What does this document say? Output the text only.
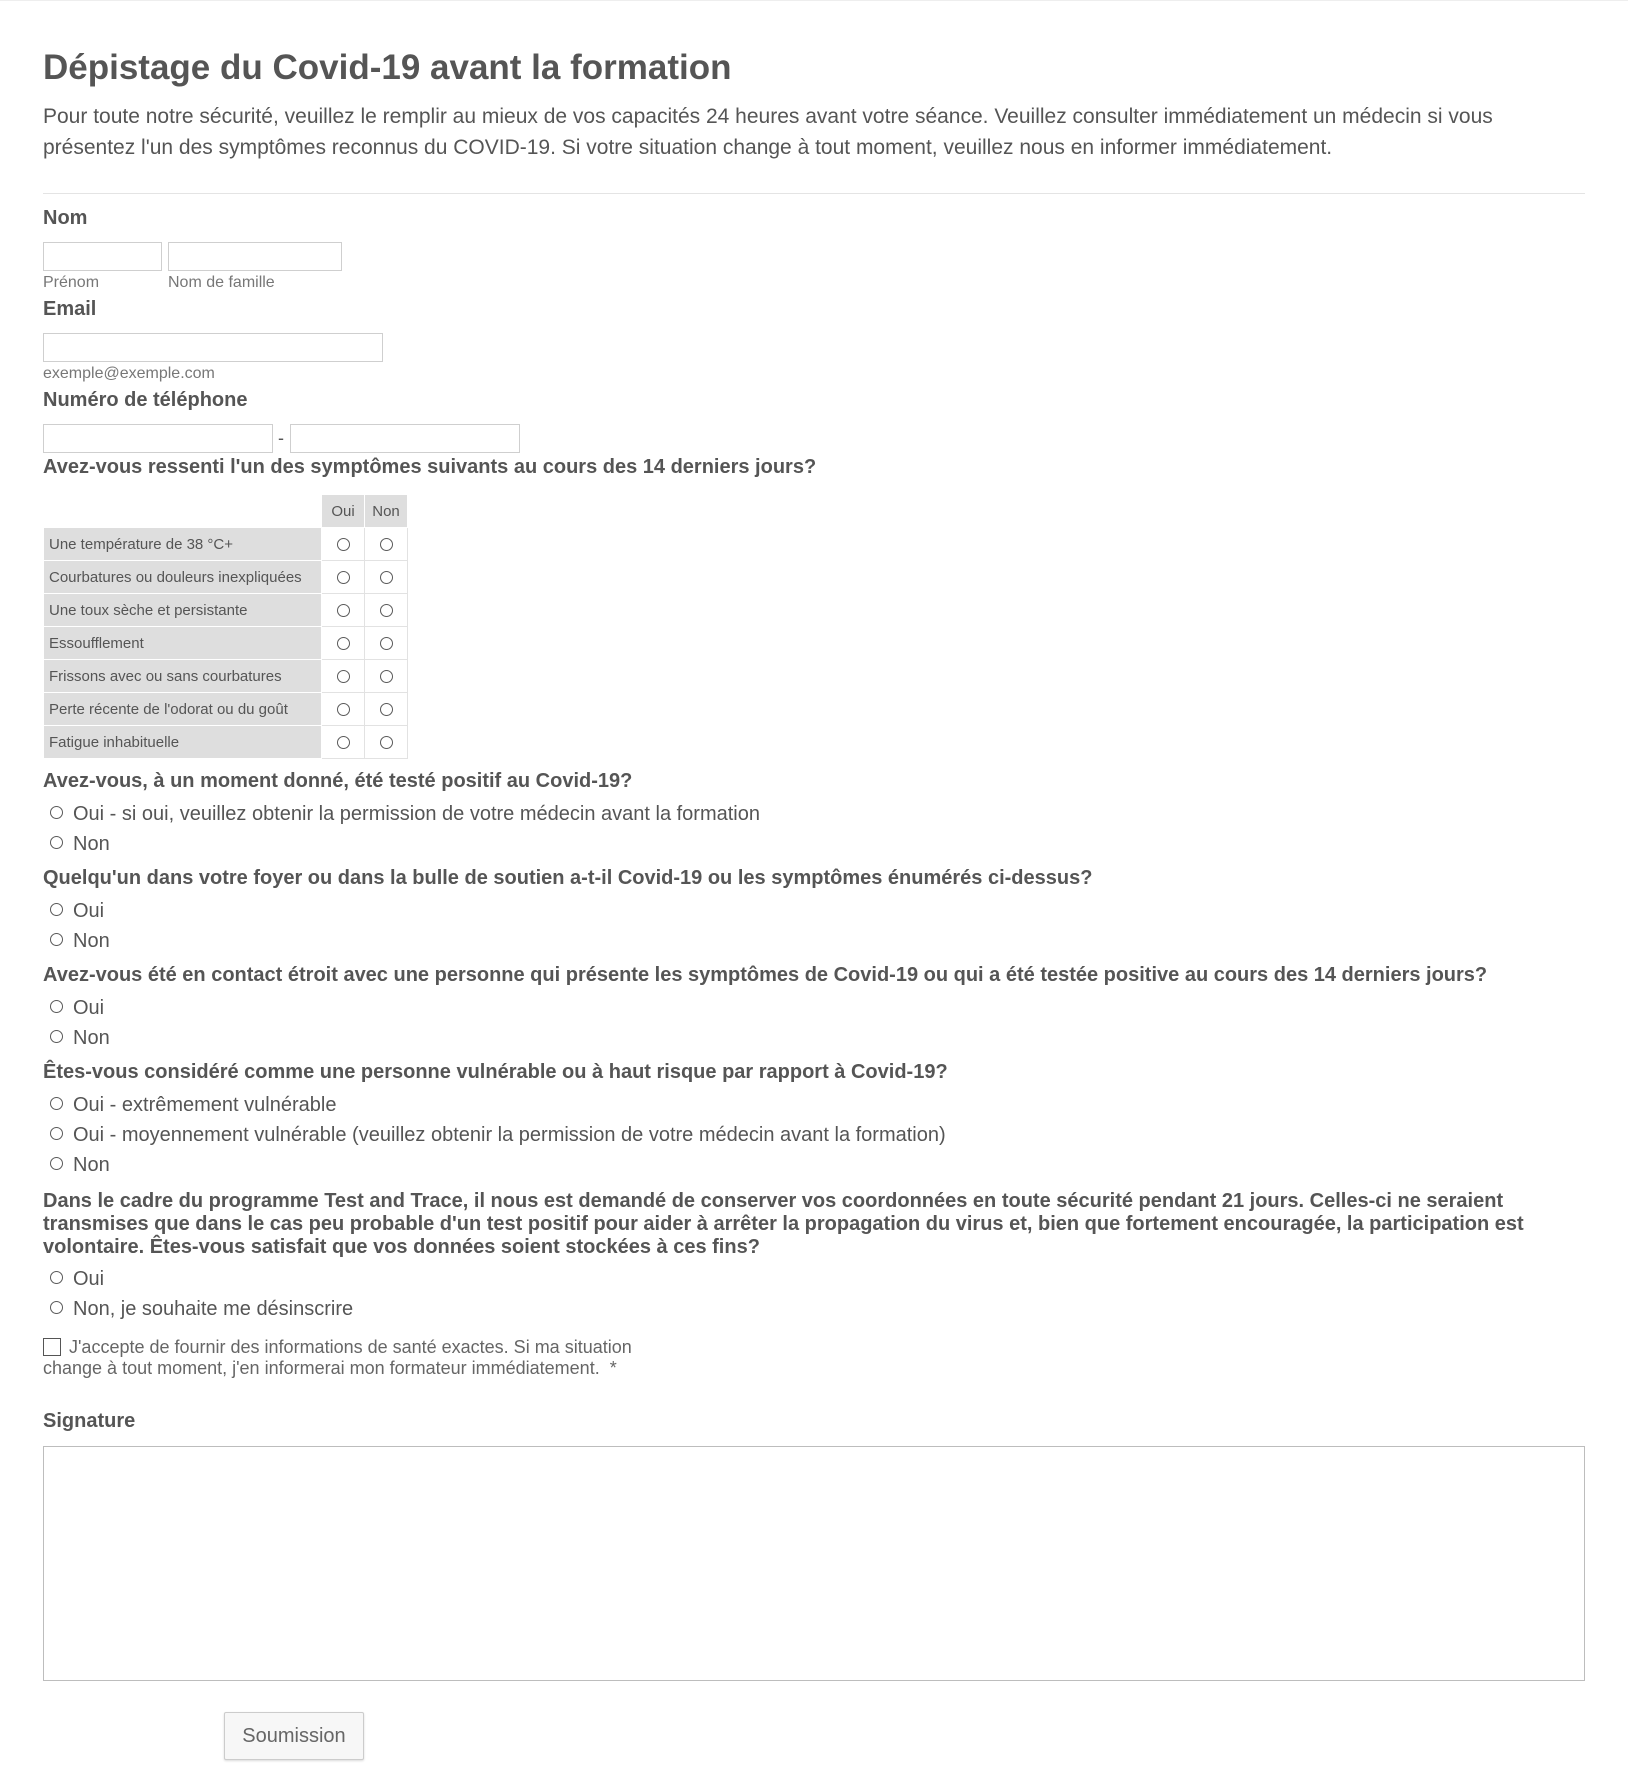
Dépistage du Covid-19 avant la formation
Pour toute notre sécurité, veuillez le remplir au mieux de vos capacités 24 heures avant votre séance. Veuillez consulter immédiatement un médecin si vous présentez l'un des symptômes reconnus du COVID-19. Si votre situation change à tout moment, veuillez nous en informer immédiatement.
Nom
Prénom	Nom de famille
Email
exemple@exemple.com
Numéro de téléphone
-
Avez-vous ressenti l'un des symptômes suivants au cours des 14 derniers jours?
	Oui	Non
Une température de 38 °C+		
Courbatures ou douleurs inexpliquées		
Une toux sèche et persistante		
Essoufflement		
Frissons avec ou sans courbatures		
Perte récente de l'odorat ou du goût		
Fatigue inhabituelle		
Avez-vous, à un moment donné, été testé positif au Covid-19?
Oui - si oui, veuillez obtenir la permission de votre médecin avant la formation
Non
Quelqu'un dans votre foyer ou dans la bulle de soutien a-t-il Covid-19 ou les symptômes énumérés ci-dessus?
Oui
Non
Avez-vous été en contact étroit avec une personne qui présente les symptômes de Covid-19 ou qui a été testée positive au cours des 14 derniers jours?
Oui
Non
Êtes-vous considéré comme une personne vulnérable ou à haut risque par rapport à Covid-19?
Oui - extrêmement vulnérable
Oui - moyennement vulnérable (veuillez obtenir la permission de votre médecin avant la formation)
Non
Dans le cadre du programme Test and Trace, il nous est demandé de conserver vos coordonnées en toute sécurité pendant 21 jours. Celles-ci ne seraient transmises que dans le cas peu probable d'un test positif pour aider à arrêter la propagation du virus et, bien que fortement encouragée, la participation est volontaire. Êtes-vous satisfait que vos données soient stockées à ces fins?
Oui
Non, je souhaite me désinscrire
J'accepte de fournir des informations de santé exactes. Si ma situation change à tout moment, j'en informerai mon formateur immédiatement. *
Signature
Soumission
